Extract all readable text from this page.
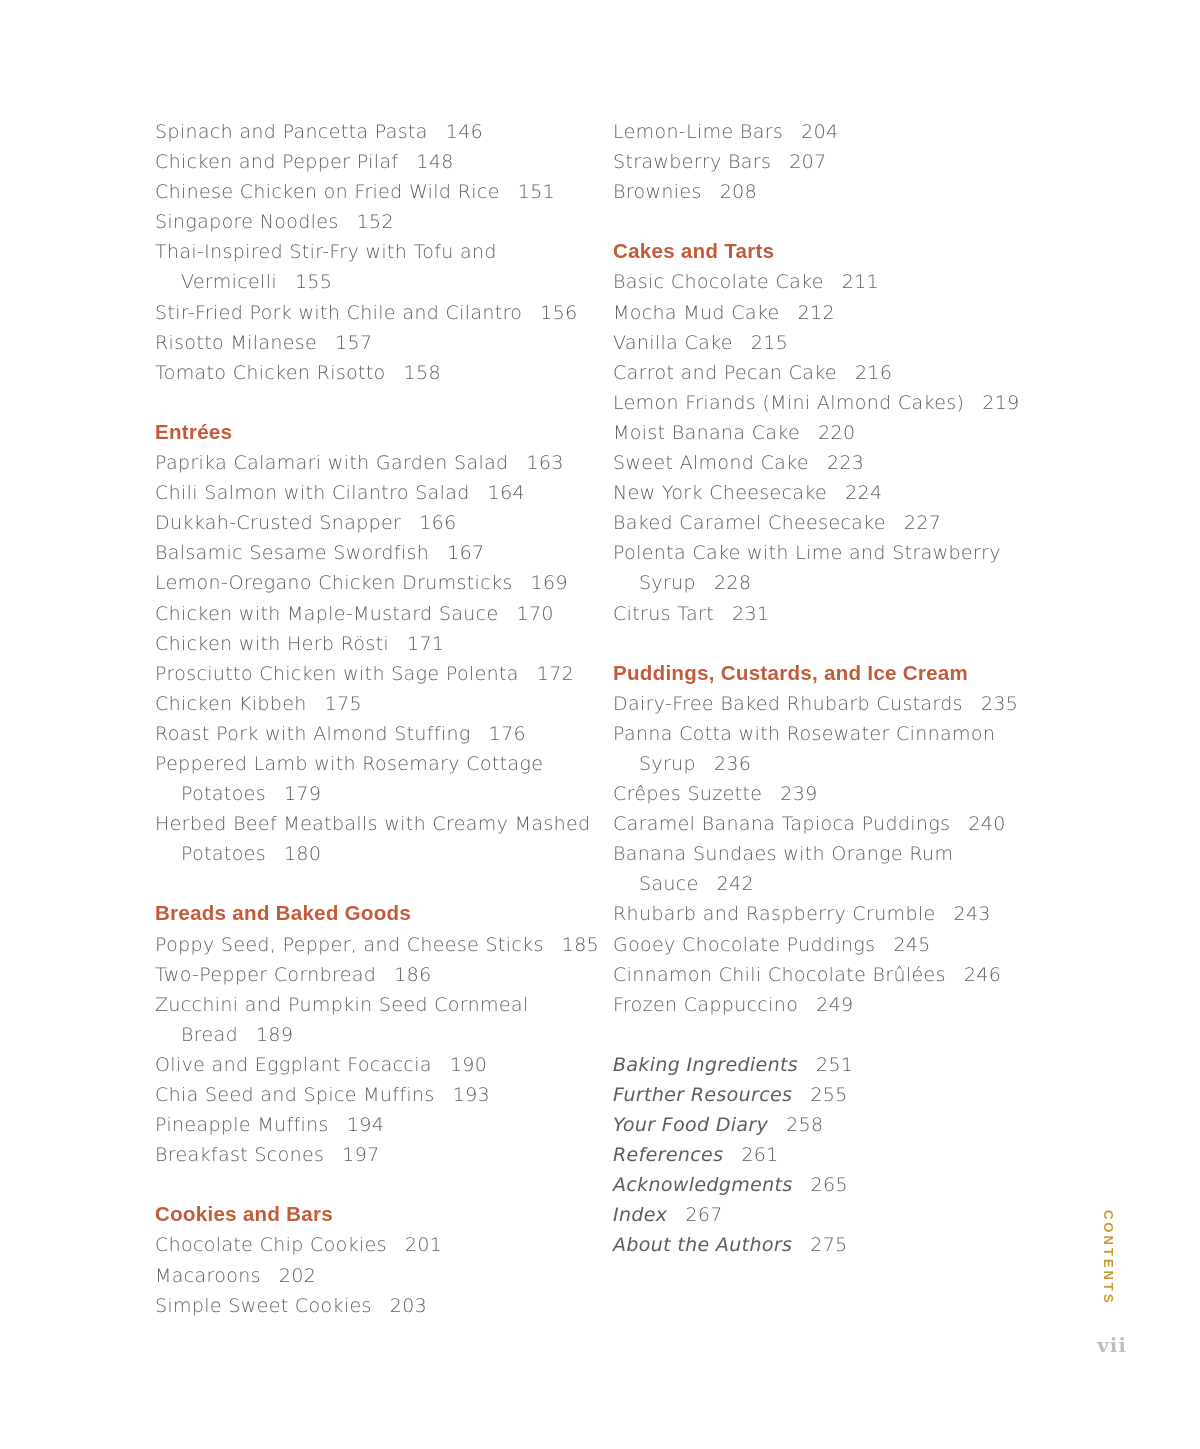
Spinach and Pancetta Pasta 146
Chicken and Pepper Pilaf 148
Chinese Chicken on Fried Wild Rice 151
Singapore Noodles 152
Thai-Inspired Stir-Fry with Tofu and
Vermicelli 155
Stir-Fried Pork with Chile and Cilantro 156
Risotto Milanese 157
Tomato Chicken Risotto 158
Entrées
Paprika Calamari with Garden Salad 163
Chili Salmon with Cilantro Salad 164
Dukkah-Crusted Snapper 166
Balsamic Sesame Swordfish 167
Lemon-Oregano Chicken Drumsticks 169
Chicken with Maple-Mustard Sauce 170
Chicken with Herb Rösti 171
Prosciutto Chicken with Sage Polenta 172
Chicken Kibbeh 175
Roast Pork with Almond Stuffing 176
Peppered Lamb with Rosemary Cottage
Potatoes 179
Herbed Beef Meatballs with Creamy Mashed
Potatoes 180
Breads and Baked Goods
Poppy Seed, Pepper, and Cheese Sticks 185
Two-Pepper Cornbread 186
Zucchini and Pumpkin Seed Cornmeal
Bread 189
Olive and Eggplant Focaccia 190
Chia Seed and Spice Muffins 193
Pineapple Muffins 194
Breakfast Scones 197
Cookies and Bars
Chocolate Chip Cookies 201
Macaroons 202
Simple Sweet Cookies 203
Lemon-Lime Bars 204
Strawberry Bars 207
Brownies 208
Cakes and Tarts
Basic Chocolate Cake 211
Mocha Mud Cake 212
Vanilla Cake 215
Carrot and Pecan Cake 216
Lemon Friands (Mini Almond Cakes) 219
Moist Banana Cake 220
Sweet Almond Cake 223
New York Cheesecake 224
Baked Caramel Cheesecake 227
Polenta Cake with Lime and Strawberry
Syrup 228
Citrus Tart 231
Puddings, Custards, and Ice Cream
Dairy-Free Baked Rhubarb Custards 235
Panna Cotta with Rosewater Cinnamon
Syrup 236
Crêpes Suzette 239
Caramel Banana Tapioca Puddings 240
Banana Sundaes with Orange Rum
Sauce 242
Rhubarb and Raspberry Crumble 243
Gooey Chocolate Puddings 245
Cinnamon Chili Chocolate Brûlées 246
Frozen Cappuccino 249
Baking Ingredients 251
Further Resources 255
Your Food Diary 258
References 261
Acknowledgments 265
Index 267
About the Authors 275	CONTENTS
vii
